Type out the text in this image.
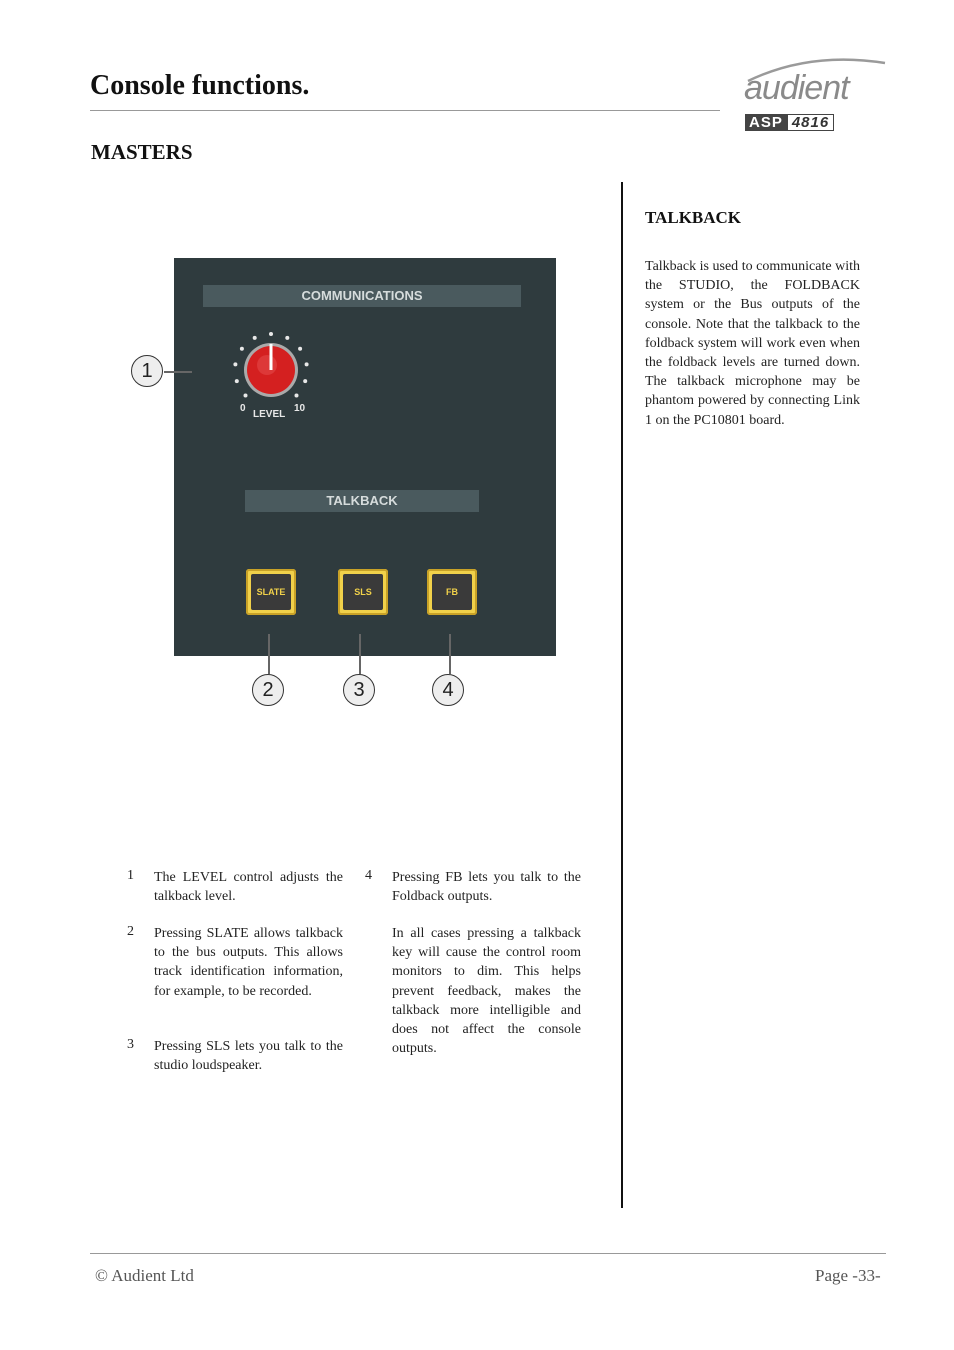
Console functions.
MASTERS
audient
ASP 4816
COMMUNICATIONS
0	10
LEVEL
TALKBACK
SLATE	SLS	FB
1
2	3	4
1 The LEVEL control adjusts the talkback level.
2 Pressing SLATE allows talkback to the bus outputs. This allows track identification information, for example, to be recorded.
3 Pressing SLS lets you talk to the studio loudspeaker.
4 Pressing FB lets you talk to the Foldback outputs.
In all cases pressing a talkback key will cause the control room monitors to dim. This helps prevent feedback, makes the talkback more intelligible and does not affect the console outputs.
TALKBACK
Talkback is used to communicate with the STUDIO, the FOLDBACK system or the Bus outputs of the console. Note that the talkback to the foldback system will work even when the foldback levels are turned down. The talkback microphone may be phantom powered by connecting Link 1 on the PC10801 board.
© Audient Ltd	Page -33-
